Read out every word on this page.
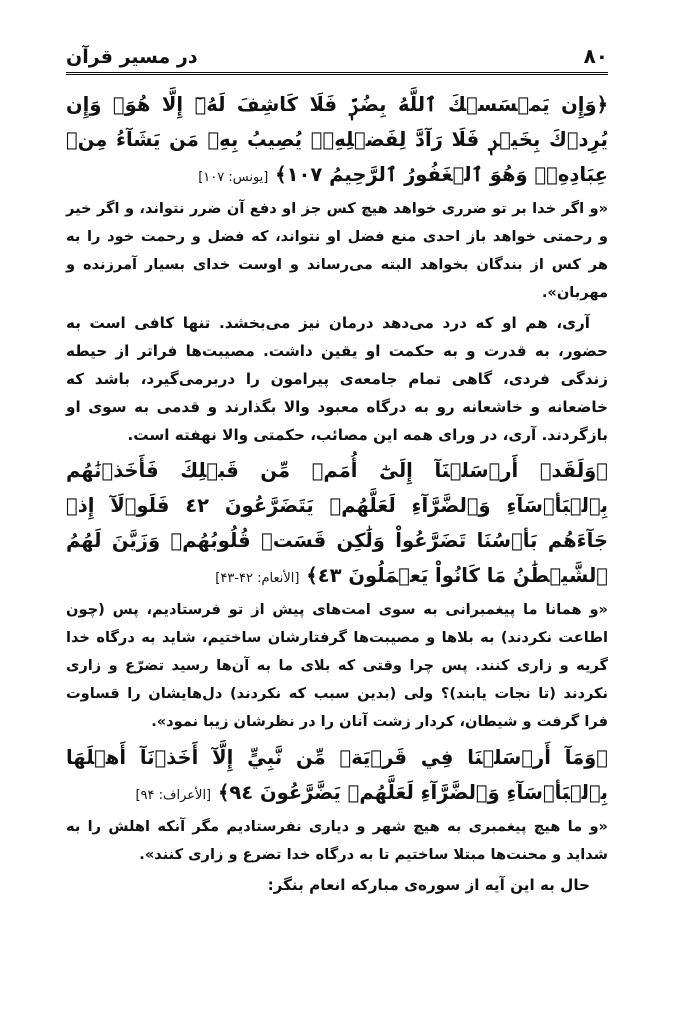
۸۰
در مسیر قرآن

﴿وَإِن يَمۡسَسۡكَ ٱللَّهُ بِضُرّٖ فَلَا كَاشِفَ لَهُۥٓ إِلَّا هُوَۖ وَإِن يُرِدۡكَ بِخَيۡرٖ فَلَا رَآدَّ لِفَضۡلِهِۦۚ يُصِيبُ بِهِۦ مَن يَشَآءُ مِنۡ عِبَادِهِۦۚ وَهُوَ ٱلۡغَفُورُ ٱلرَّحِيمُ ١٠٧﴾ [یونس: ۱۰۷]

«و اگر خدا بر تو ضرری خواهد هیچ کس جز او دفع آن ضرر نتواند، و اگر خیر و رحمتی خواهد باز احدی منع فضل او نتواند، که فضل و رحمت خود را به هر کس از بندگان بخواهد البته می‌رساند و اوست خدای بسیار آمرزنده و مهربان».

آری، هم او که درد می‌دهد درمان نیز می‌بخشد. تنها کافی است به حضور، به قدرت و به حکمت او یقین داشت. مصیبت‌ها فراتر از حیطه زندگی فردی، گاهی تمام جامعه‌ی پیرامون را دربرمی‌گیرد، باشد که خاضعانه و خاشعانه رو به درگاه معبود والا بگذارند و قدمی به سوی او بازگردند. آری، در ورای همه این مصائب، حکمتی والا نهفته است.

﴿وَلَقَدۡ أَرۡسَلۡنَآ إِلَىٰٓ أُمَمٖ مِّن قَبۡلِكَ فَأَخَذۡنَٰهُم بِٱلۡبَأۡسَآءِ وَٱلضَّرَّآءِ لَعَلَّهُمۡ يَتَضَرَّعُونَ ٤٢ فَلَوۡلَآ إِذۡ جَآءَهُم بَأۡسُنَا تَضَرَّعُواْ وَلَٰكِن قَسَتۡ قُلُوبُهُمۡ وَزَيَّنَ لَهُمُ ٱلشَّيۡطَٰنُ مَا كَانُواْ يَعۡمَلُونَ ٤٣﴾ [الأنعام: ۴۲-۴۳]

«و همانا ما پیغمبرانی به سوی امت‌های پیش از تو فرستادیم، پس (چون اطاعت نکردند) به بلاها و مصیبت‌ها گرفتارشان ساختیم، شاید به درگاه خدا گریه و زاری کنند. پس چرا وقتی که بلای ما به آن‌ها رسید تضرّع و زاری نکردند (تا نجات یابند)؟ ولی (بدین سبب که نکردند) دل‌هایشان را قساوت فرا گرفت و شیطان، کردار زشت آنان را در نظرشان زیبا نمود».

﴿وَمَآ أَرۡسَلۡنَا فِي قَرۡيَةٖ مِّن نَّبِيٍّ إِلَّآ أَخَذۡنَآ أَهۡلَهَا بِٱلۡبَأۡسَآءِ وَٱلضَّرَّآءِ لَعَلَّهُمۡ يَضَّرَّعُونَ ٩٤﴾ [الأعراف: ۹۴]

«و ما هیچ پیغمبری به هیچ شهر و دیاری نفرستادیم مگر آنکه اهلش را به شداید و محنت‌ها مبتلا ساختیم تا به درگاه خدا تضرع و زاری کنند».

حال به این آیه از سوره‌ی مبارکه انعام بنگر:
